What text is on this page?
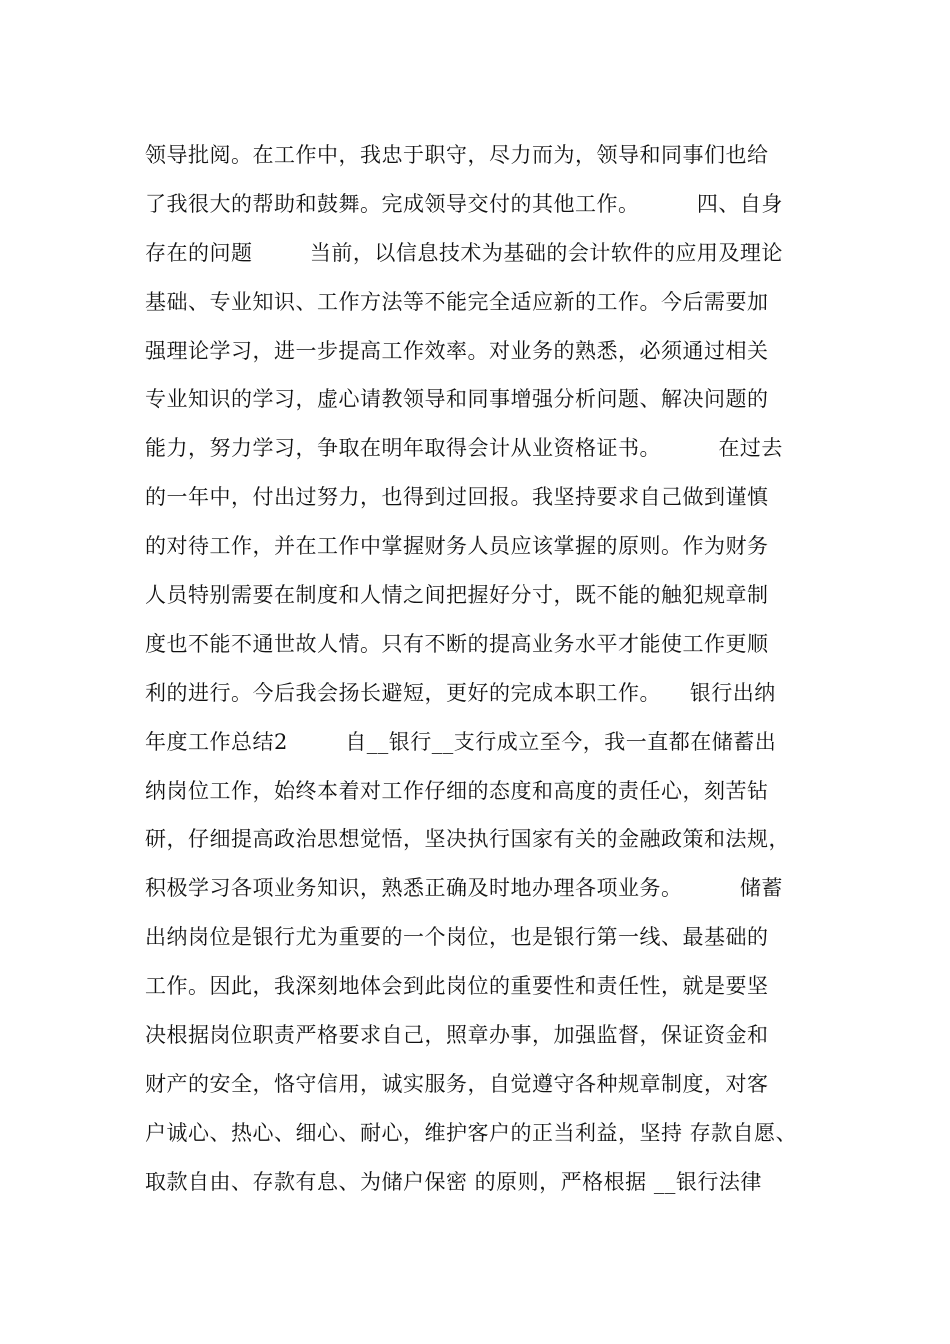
领导批阅。在工作中，我忠于职守，尽力而为，领导和同事们也给
了我很大的帮助和鼓舞。完成领导交付的其他工作。        四、自身
存在的问题        当前，以信息技术为基础的会计软件的应用及理论
基础、专业知识、工作方法等不能完全适应新的工作。今后需要加
强理论学习，进一步提高工作效率。对业务的熟悉，必须通过相关
专业知识的学习，虚心请教领导和同事增强分析问题、解决问题的
能力，努力学习，争取在明年取得会计从业资格证书。        在过去
的一年中，付出过努力，也得到过回报。我坚持要求自己做到谨慎
的对待工作，并在工作中掌握财务人员应该掌握的原则。作为财务
人员特别需要在制度和人情之间把握好分寸，既不能的触犯规章制
度也不能不通世故人情。只有不断的提高业务水平才能使工作更顺
利的进行。今后我会扬长避短，更好的完成本职工作。    银行出纳
年度工作总结2        自__银行__支行成立至今，我一直都在储蓄出
纳岗位工作，始终本着对工作仔细的态度和高度的责任心，刻苦钻
研，仔细提高政治思想觉悟，坚决执行国家有关的金融政策和法规，
积极学习各项业务知识，熟悉正确及时地办理各项业务。        储蓄
出纳岗位是银行尤为重要的一个岗位，也是银行第一线、最基础的
工作。因此，我深刻地体会到此岗位的重要性和责任性，就是要坚
决根据岗位职责严格要求自己，照章办事，加强监督，保证资金和
财产的安全，恪守信用，诚实服务，自觉遵守各种规章制度，对客
户诚心、热心、细心、耐心，维护客户的正当利益，坚持 存款自愿、
取款自由、存款有息、为储户保密 的原则，严格根据 __银行法律
